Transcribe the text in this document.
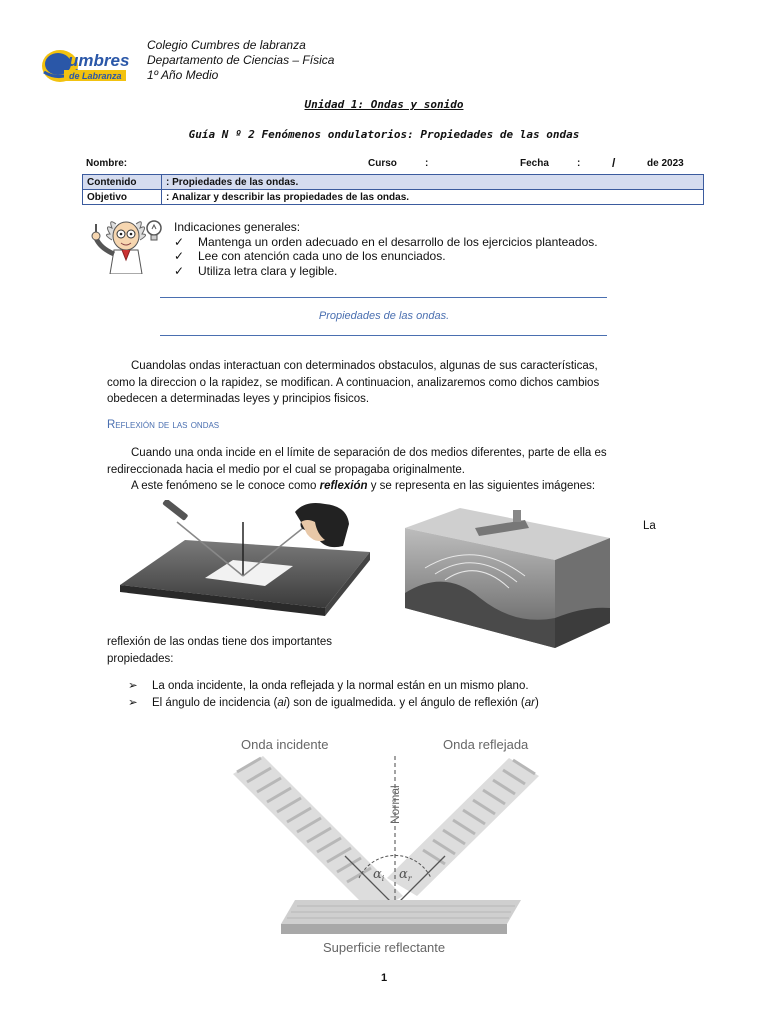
umbres
de Labranza
Colegio Cumbres de labranza
Departamento de Ciencias – Física
1º Año Medio
Unidad 1: Ondas y sonido
Guía N º 2 Fenómenos ondulatorios: Propiedades de las ondas
Nombre:	Curso	:	Fecha	:	/	de 2023
Contenido	: Propiedades de las ondas.
Objetivo	: Analizar y describir las propiedades de las ondas.
Indicaciones generales:
✓ Mantenga un orden adecuado en el desarrollo de los ejercicios planteados.
✓ Lee con atención cada uno de los enunciados.
✓ Utiliza letra clara y legible.
Propiedades de las ondas.
Cuandolas ondas interactuan con determinados obstaculos, algunas de sus características,
como la direccion o la rapidez, se modifican. A continuacion, analizaremos como dichos cambios
obedecen a determinadas leyes y principios fisicos.
Reflexión de las ondas
Cuando una onda incide en el límite de separación de dos medios diferentes, parte de ella es
redireccionada hacia el medio por el cual se propagaba originalmente.
A este fenómeno se le conoce como reflexión y se representa en las siguientes imágenes:
La
reflexión de las ondas tiene dos importantes
propiedades:
➢ La onda incidente, la onda reflejada y la normal están en un mismo plano.
➢ El ángulo de incidencia (ai) son de igualmedida. y el ángulo de reflexión (ar)
Onda incidente	Onda reflejada
Normal
$\alpha_i$ $\alpha_r$
Superficie reflectante
1
